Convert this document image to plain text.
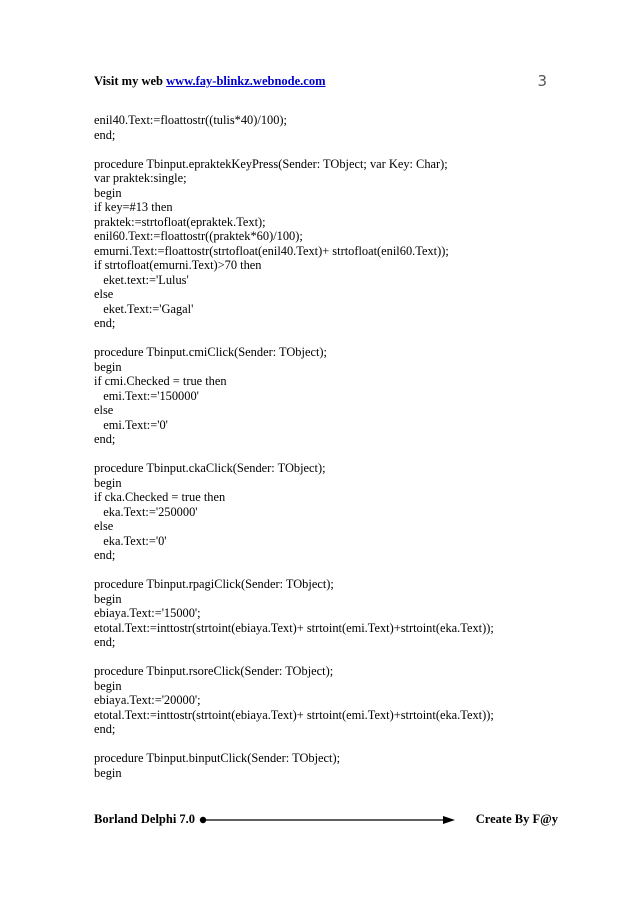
Visit my web www.fay-blinkz.webnode.com	3
enil40.Text:=floattostr((tulis*40)/100);
end;
procedure Tbinput.epraktekKeyPress(Sender: TObject; var Key: Char);
var praktek:single;
begin
if key=#13 then
praktek:=strtofloat(epraktek.Text);
enil60.Text:=floattostr((praktek*60)/100);
emurni.Text:=floattostr(strtofloat(enil40.Text)+ strtofloat(enil60.Text));
if strtofloat(emurni.Text)>70 then
eket.text:='Lulus'
else
eket.Text:='Gagal'
end;
procedure Tbinput.cmiClick(Sender: TObject);
begin
if cmi.Checked = true then
emi.Text:='150000'
else
emi.Text:='0'
end;
procedure Tbinput.ckaClick(Sender: TObject);
begin
if cka.Checked = true then
eka.Text:='250000'
else
eka.Text:='0'
end;
procedure Tbinput.rpagiClick(Sender: TObject);
begin
ebiaya.Text:='15000';
etotal.Text:=inttostr(strtoint(ebiaya.Text)+ strtoint(emi.Text)+strtoint(eka.Text));
end;
procedure Tbinput.rsoreClick(Sender: TObject);
begin
ebiaya.Text:='20000';
etotal.Text:=inttostr(strtoint(ebiaya.Text)+ strtoint(emi.Text)+strtoint(eka.Text));
end;
procedure Tbinput.binputClick(Sender: TObject);
begin
Borland Delphi 7.0	Create By F@y
